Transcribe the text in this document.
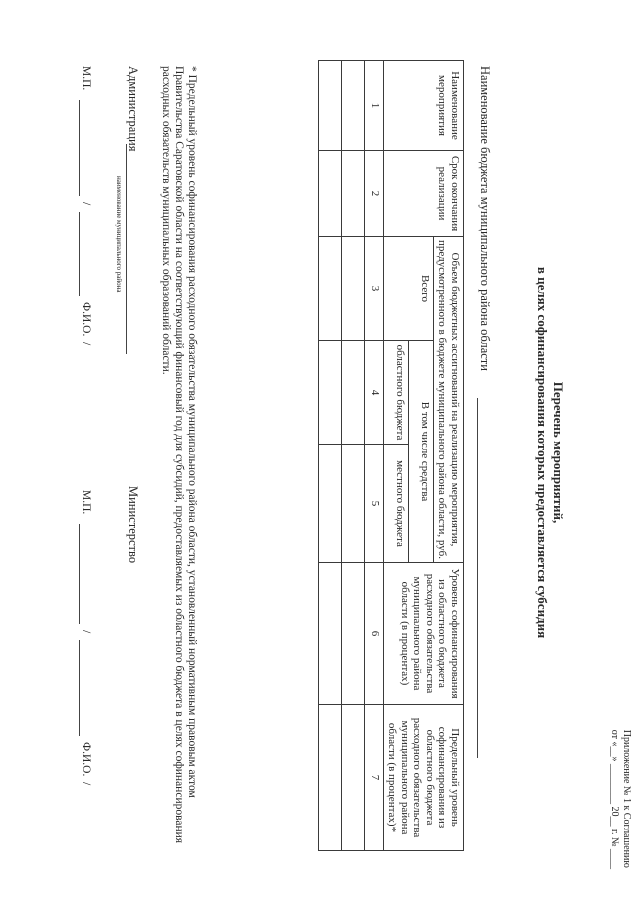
Приложение № 1 к Соглашению
от «__» ________ 20__ г. № ____
Перечень мероприятий,
в целях софинансирования которых предоставляется субсидия
Наименование бюджета муниципального района области
Наименование мероприятия	Срок окончания реализации	Объем бюджетных ассигнований на реализацию мероприятия, предусмотренного в бюджете муниципального района области, руб.			Уровень софинансирования из областного бюджета расходного обязательства муниципального района области (в процентах)	Предельный уровень софинансирования из областного бюджета расходного обязательства муниципального района области (в процентах)*
		Всего	В том числе средства			
			областного бюджета	местного бюджета		
1	2	3	4	5	6	7

* Предельный уровень софинансирования расходного обязательства муниципального района области, установленный нормативным правовым актом Правительства Саратовской области на соответствующий финансовый год для субсидий, предоставляемых из областного бюджета в целях софинансирования расходных обязательств муниципальных образований области.
Администрация
наименование муниципального района
Министерство
М.П.
/
Ф.И.О.
/
М.П.
/
Ф.И.О.
/
